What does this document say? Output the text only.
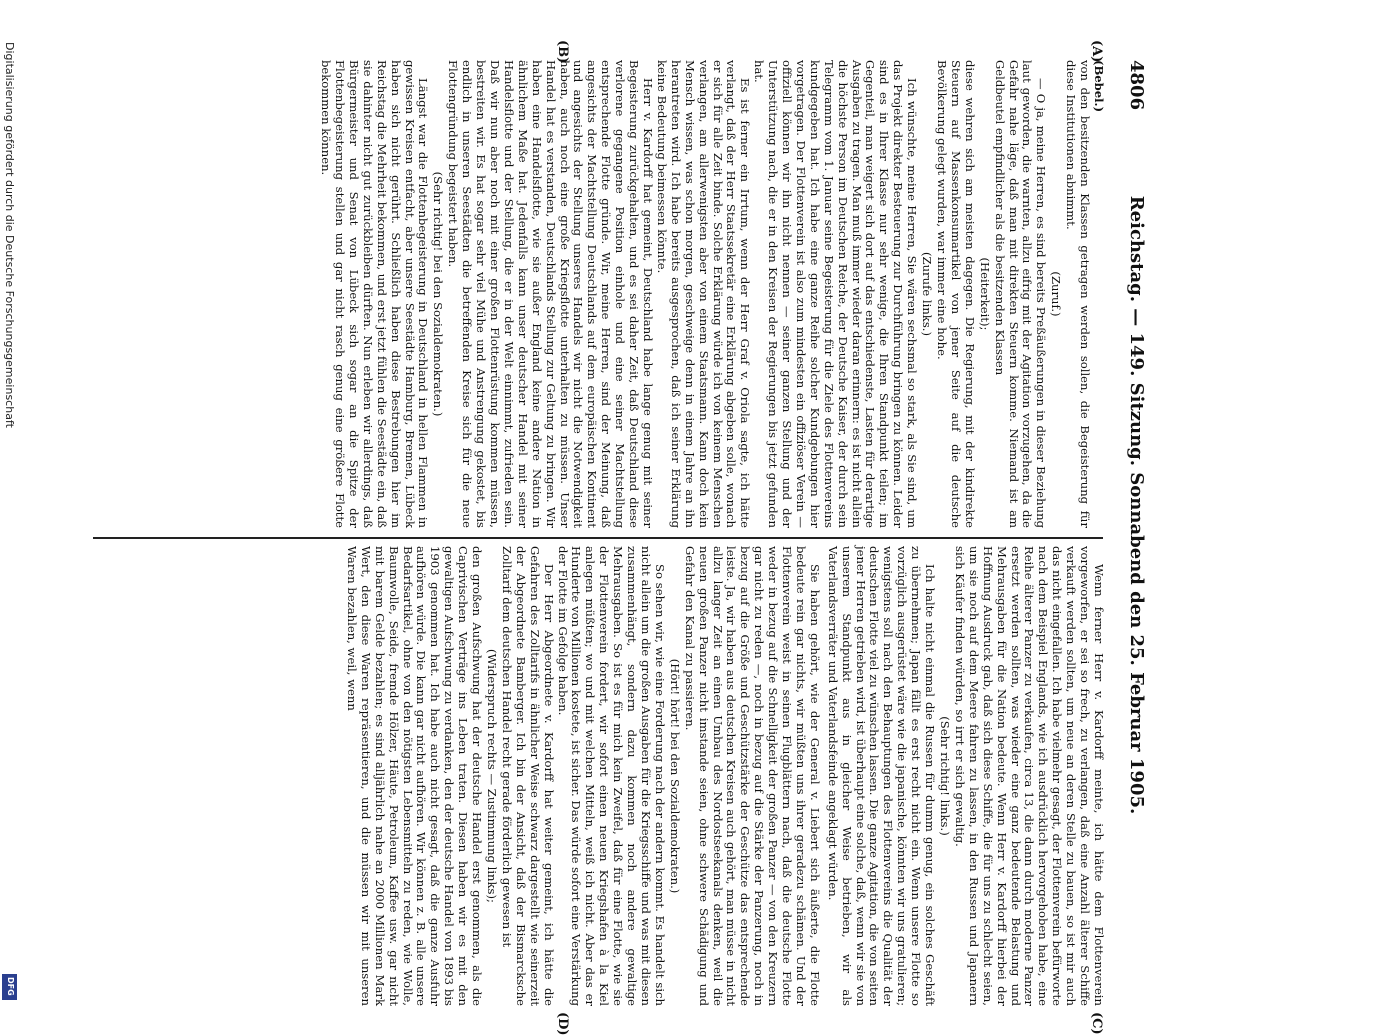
4806
Reichstag. — 149. Sitzung. Sonnabend den 25. Februar 1905.
(A)
(B)
(C)
(D)

(Bebel.)

von den besitzenden Klassen getragen werden sollen, die Begeisterung für diese Institutionen abnimmt.

(Zuruf.)

— O ja, meine Herren, es sind bereits Preßäußerungen in dieser Beziehung laut geworden, die warnten, allzu eifrig mit der Agitation vorzugehen, da die Gefahr nahe läge, daß man mit direkten Steuern komme. Niemand ist am Geldbeutel empfindlicher als die besitzenden Klassen

(Heiterkeit);

diese wehren sich am meisten dagegen. Die Regierung, mit der kindirekte Steuern auf Massenkonsumartikel von jener Seite auf die deutsche Bevölkerung gelegt wurden, war immer eine hohe.

(Zurufe links.)

Ich wünschte, meine Herren, Sie wären sechsmal so stark, als Sie sind, um das Projekt direkter Besteuerung zur Durchführung bringen zu können. Leider sind es in Ihrer Klasse nur sehr wenige, die Ihren Standpunkt teilen; im Gegenteil, man weigert sich dort auf das entschiedenste, Lasten für derartige Ausgaben zu tragen. Man muß immer wieder daran erinnern: es ist nicht allein die höchste Person im Deutschen Reiche, der Deutsche Kaiser, der durch sein Telegramm vom 1. Januar seine Begeisterung für die Ziele des Flottenvereins kundgegeben hat. Ich habe eine ganze Reihe solcher Kundgebungen hier vorgetragen. Der Flottenverein ist also zum mindesten ein offiziöser Verein — offiziell können wir ihn nicht nennen — seiner ganzen Stellung und der Unterstützung nach, die er in den Kreisen der Regierungen bis jetzt gefunden hat.

Es ist ferner ein Irrtum, wenn der Herr Graf v. Oriola sagte, ich hätte verlangt, daß der Herr Staatssekretär eine Erklärung abgeben solle, wonach er sich für alle Zeit binde. Solche Erklärung würde ich von keinem Menschen verlangen, am allerwenigsten aber von einem Staatsmann. Kann doch kein Mensch wissen, was schon morgen, geschweige denn in einem Jahre an ihn herantreten wird. Ich habe bereits ausgesprochen, daß ich seiner Erklärung keine Bedeutung beimessen könnte.

Herr v. Kardorff hat gemeint, Deutschland habe lange genug mit seiner Begeisterung zurückgehalten, und es sei daher Zeit, daß Deutschland diese verlorene gegangene Position einhole und eine seiner Machtstellung entsprechende Flotte gründe. Wir, meine Herren, sind der Meinung, daß angesichts der Machtstellung Deutschlands auf dem europäischen Kontinent und angesichts der Stellung unseres Handels wir nicht die Notwendigkeit haben, auch noch eine große Kriegsflotte unterhalten zu müssen. Unser Handel hat es verstanden, Deutschlands Stellung zur Geltung zu bringen. Wir haben eine Handelsflotte, wie sie außer England keine andere Nation in ähnlichem Maße hat. Jedenfalls kann unser deutscher Handel mit seiner Handelsflotte und der Stellung, die er in der Welt einnimmt, zufrieden sein. Daß wir nun aber noch mit einer großen Flottenrüstung kommen müssen, bestreiten wir. Es hat sogar sehr viel Mühe und Anstrengung gekostet, bis endlich in unseren Seestädten die betreffenden Kreise sich für die neue Flottengründung begeistert haben.

(Sehr richtig! bei den Sozialdemokraten.)

Längst war die Flottenbegeisterung in Deutschland in hellen Flammen in gewissen Kreisen entfacht, aber unsere Seestädte Hamburg, Bremen, Lübeck haben sich nicht gerührt. Schließlich haben diese Bestrebungen hier im Reichstag die Mehrheit bekommen, und erst jetzt fühlen die Seestädte ein, daß sie dahinter nicht gut zurückbleiben dürften. Nun erleben wir allerdings, daß Bürgermeister und Senat von Lübeck sich sogar an die Spitze der Flottenbegeisterung stellen und gar nicht rasch genug eine größere Flotte bekommen können.

Wenn ferner Herr v. Kardorff meinte, ich hätte dem Flottenverein vorgeworfen, er sei so frech, zu verlangen, daß eine Anzahl älterer Schiffe verkauft werden sollten, um neue an deren Stelle zu bauen, so ist mir auch das nicht eingefallen. Ich habe vielmehr gesagt, der Flottenverein befürworte nach dem Beispiel Englands, wie ich ausdrücklich hervorgehoben habe, eine Reihe älterer Panzer zu verkaufen, circa 13, die dann durch moderne Panzer ersetzt werden sollten, was wieder eine ganz bedeutende Belastung und Mehrausgaben für die Nation bedeute. Wenn Herr v. Kardorff hierbei der Hoffnung Ausdruck gab, daß sich diese Schiffe, die für uns zu schlecht seien, um sie noch auf dem Meere fahren zu lassen, in den Russen und Japanern sich Käufer finden würden, so irrt er sich gewaltig.

(Sehr richtig! links.)

Ich halte nicht einmal die Russen für dumm genug, ein solches Geschäft zu übernehmen; Japan fällt es erst recht nicht ein. Wenn unsere Flotte so vorzüglich ausgerüstet wäre wie die japanische, könnten wir uns gratulieren; wenigstens soll nach den Behauptungen des Flottenvereins die Qualität der deutschen Flotte viel zu wünschen lassen. Die ganze Agitation, die von seiten jener Herren getrieben wird, ist überhaupt eine solche, daß, wenn wir sie von unserem Standpunkt aus in gleicher Weise betrieben, wir als Vaterlandsverräter und Vaterlandsfeinde angeklagt würden.

Sie haben gehört, wie der General v. Liebert sich äußerte, die Flotte bedeute rein gar nichts, wir müßten uns ihrer geradezu schämen. Und der Flottenverein weist in seinen Flugblättern nach, daß die deutsche Flotte weder in bezug auf die Schnelligkeit der großen Panzer — von den Kreuzern gar nicht zu reden —, noch in bezug auf die Stärke der Panzerung, noch in bezug auf die Größe und Geschützstärke der Geschütze das entsprechende leiste. Ja, wir haben aus deutschen Kreisen auch gehört, man müsse in nicht allzu langer Zeit an einen Umbau des Nordostseekanals denken, weil die neuen großen Panzer nicht imstande seien, ohne schwere Schädigung und Gefahr den Kanal zu passieren.

(Hört! hört! bei den Sozialdemokraten.)

So sehen wir, wie eine Forderung nach der andern kommt. Es handelt sich nicht allein um die großen Ausgaben für die Kriegsschiffe und was mit diesen zusammenhängt, sondern dazu kommen noch andere gewaltige Mehrausgaben. So ist es für mich kein Zweifel, daß für eine Flotte, wie sie der Flottenverein fordert, wir sofort einen neuen Kriegshafen à la Kiel anlegen müßten; wo und mit welchen Mitteln, weiß ich nicht. Aber das er Hunderte von Millionen kostete, ist sicher. Das würde sofort eine Verstärkung der Flotte im Gefolge haben.

Der Herr Abgeordnete v. Kardorff hat weiter gemeint, ich hätte die Gefahren des Zolltarifs in ähnlicher Weise schwarz dargestellt wie seinerzeit der Abgeordnete Bamberger. Ich bin der Ansicht, daß der Bismarcksche Zolltarif dem deutschen Handel recht gerade förderlich gewesen ist

(Widerspruch rechts — Zustimmung links);

den großen Aufschwung hat der deutsche Handel erst genommen, als die Caprivischen Verträge ins Leben traten. Diesen haben wir es mit den gewaltigen Aufschwung zu verdanken, den der deutsche Handel von 1893 bis 1903 genommen hat. Ich habe auch nicht gesagt, daß die ganze Ausfuhr aufhören würde. Die kann gar nicht aufhören. Wir können z. B. alle unsere Bedarfsartikel, ohne von den nötigsten Lebensmitteln zu reden, wie Wolle, Baumwolle, Seide, fremde Hölzer, Häute, Petroleum, Kaffee usw. gar nicht mit barem Gelde bezahlen; es sind alljährlich nahe an 2000 Millionen Mark Wert, den diese Waren repräsentieren, und die müssen wir mit unseren Waren bezahlen, weil, wenn

Digitalisierung gefördert durch die Deutsche Forschungsgemeinschaft
DFG
